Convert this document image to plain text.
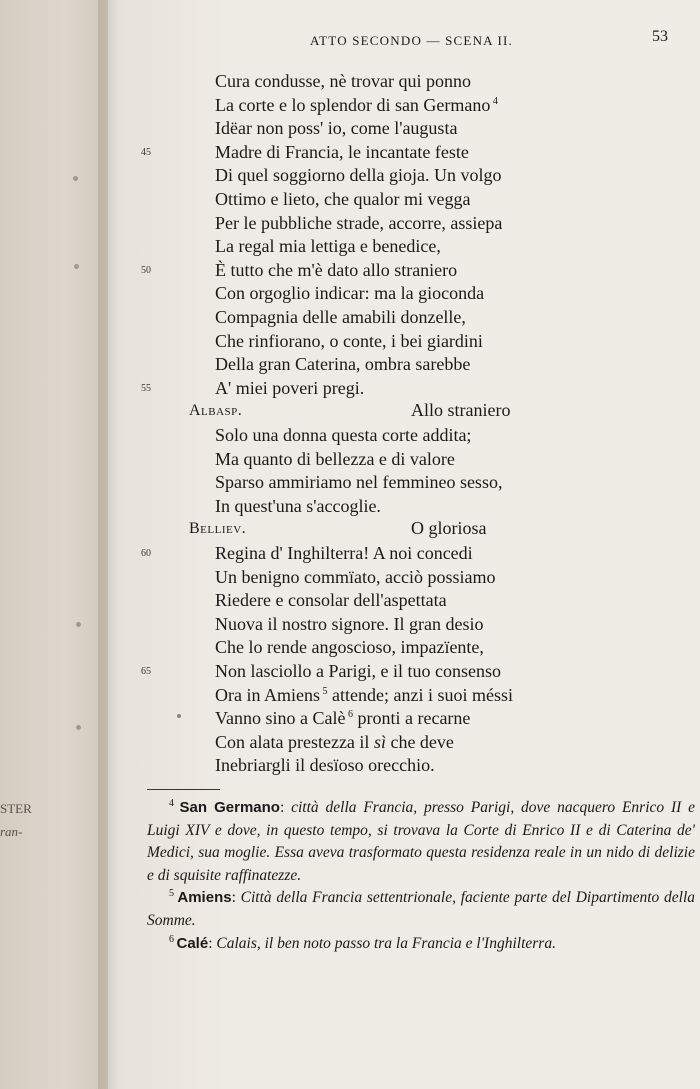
STER
ran-
ATTO SECONDO — SCENA II.	53
Cura condusse, nè trovar qui ponno
La corte e lo splendor di san Germano $^4$
Idëar non poss' io, come l'augusta
45	Madre di Francia, le incantate feste
Di quel soggiorno della gioja. Un volgo
Ottimo e lieto, che qualor mi vegga
Per le pubbliche strade, accorre, assiepa
La regal mia lettiga e benedice,
50	È tutto che m'è dato allo straniero
Con orgoglio indicar: ma la gioconda
Compagnia delle amabili donzelle,
Che rinfiorano, o conte, i bei giardini
Della gran Caterina, ombra sarebbe
55	A' miei poveri pregi.
Albasp.	Allo straniero
Solo una donna questa corte addita;
Ma quanto di bellezza e di valore
Sparso ammiriamo nel femmineo sesso,
In quest'una s'accoglie.
Belliev.	O gloriosa
60	Regina d' Inghilterra! A noi concedi
Un benigno commïato, acciò possiamo
Riedere e consolar dell'aspettata
Nuova il nostro signore. Il gran desio
Che lo rende angoscioso, impazïente,
65	Non lasciollo a Parigi, e il tuo consenso
Ora in Amiens $^5$ attende; anzi i suoi méssi
Vanno sino a Calè $^6$ pronti a recarne
Con alata prestezza il sì che deve
Inebriargli il desïoso orecchio.

$^4$ San Germano: città della Francia, presso Parigi, dove nacquero Enrico II e Luigi XIV e dove, in questo tempo, si trovava la Corte di Enrico II e di Caterina de' Medici, sua moglie. Essa aveva trasformato questa residenza reale in un nido di delizie e di squisite raffinatezze.

$^5$ Amiens: Città della Francia settentrionale, faciente parte del Dipartimento della Somme.

$^6$ Calé: Calais, il ben noto passo tra la Francia e l'Inghilterra.
